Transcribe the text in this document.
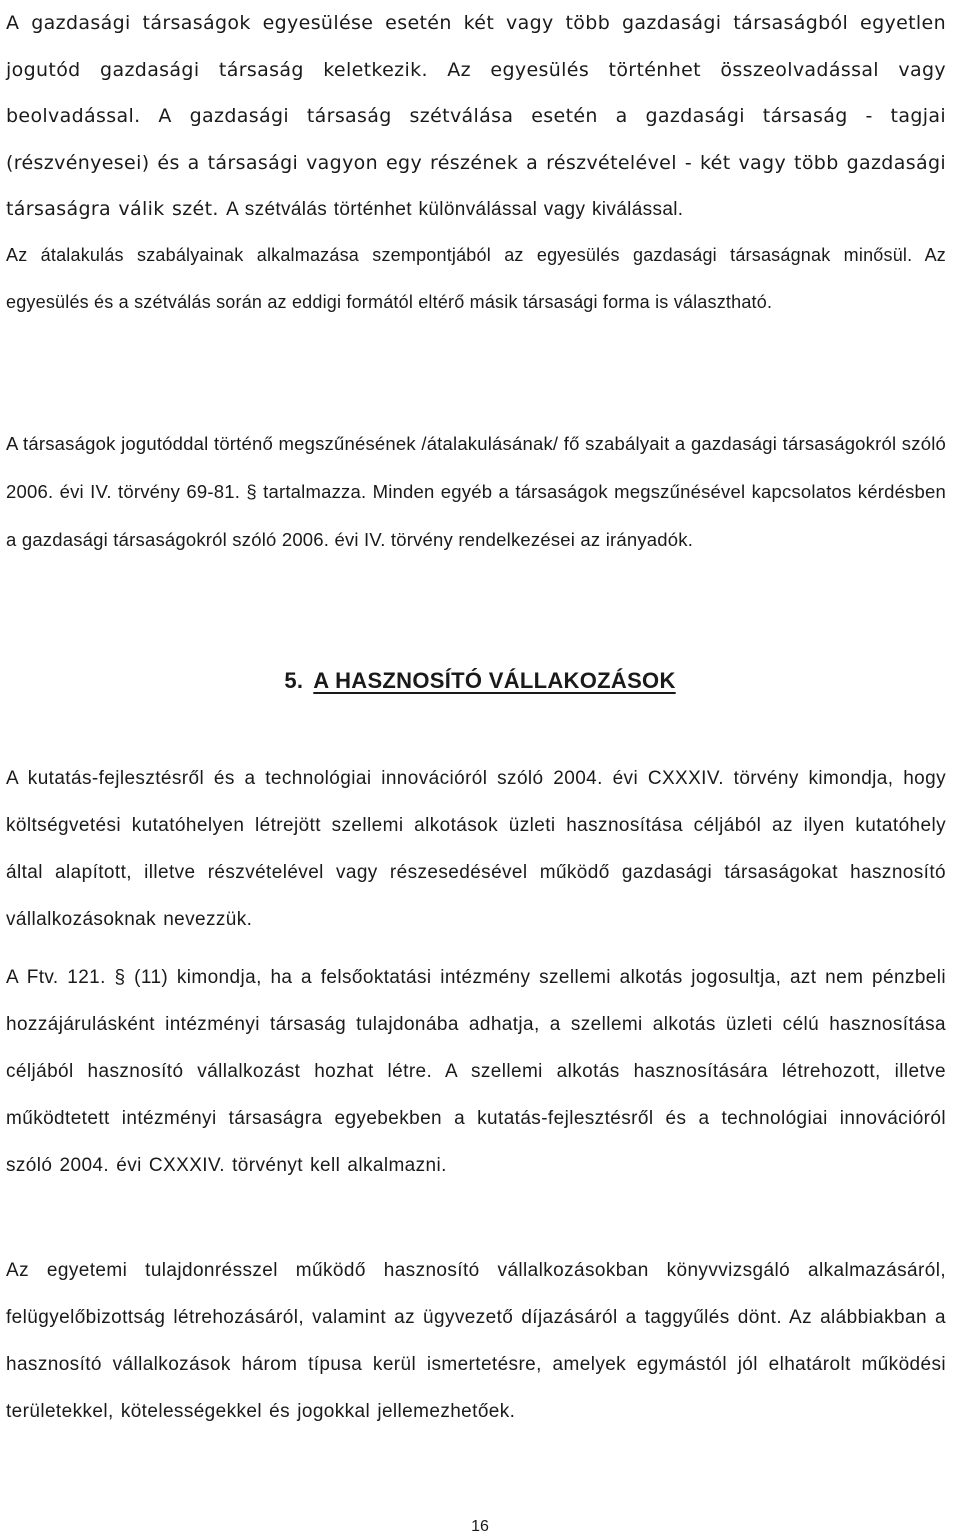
A gazdasági társaságok egyesülése esetén két vagy több gazdasági társaságból egyetlen jogutód gazdasági társaság keletkezik. Az egyesülés történhet összeolvadással vagy beolvadással. A gazdasági társaság szétválása esetén a gazdasági társaság - tagjai (részvényesei) és a társasági vagyon egy részének a részvételével - két vagy több gazdasági társaságra válik szét. A szétválás történhet különválással vagy kiválással.

Az átalakulás szabályainak alkalmazása szempontjából az egyesülés gazdasági társaságnak minősül. Az egyesülés és a szétválás során az eddigi formától eltérő másik társasági forma is választható.

A társaságok jogutóddal történő megszűnésének /átalakulásának/ fő szabályait a gazdasági társaságokról szóló 2006. évi IV. törvény 69-81. § tartalmazza. Minden egyéb a társaságok megszűnésével kapcsolatos kérdésben a gazdasági társaságokról szóló 2006. évi IV. törvény rendelkezései az irányadók.

5. A HASZNOSÍTÓ VÁLLAKOZÁSOK

A kutatás-fejlesztésről és a technológiai innovációról szóló 2004. évi CXXXIV. törvény kimondja, hogy költségvetési kutatóhelyen létrejött szellemi alkotások üzleti hasznosítása céljából az ilyen kutatóhely által alapított, illetve részvételével vagy részesedésével működő gazdasági társaságokat hasznosító vállalkozásoknak nevezzük.

A Ftv. 121. § (11) kimondja, ha a felsőoktatási intézmény szellemi alkotás jogosultja, azt nem pénzbeli hozzájárulásként intézményi társaság tulajdonába adhatja, a szellemi alkotás üzleti célú hasznosítása céljából hasznosító vállalkozást hozhat létre. A szellemi alkotás hasznosítására létrehozott, illetve működtetett intézményi társaságra egyebekben a kutatás-fejlesztésről és a technológiai innovációról szóló 2004. évi CXXXIV. törvényt kell alkalmazni.

Az egyetemi tulajdonrésszel működő hasznosító vállalkozásokban könyvvizsgáló alkalmazásáról, felügyelőbizottság létrehozásáról, valamint az ügyvezető díjazásáról a taggyűlés dönt. Az alábbiakban a hasznosító vállalkozások három típusa kerül ismertetésre, amelyek egymástól jól elhatárolt működési területekkel, kötelességekkel és jogokkal jellemezhetőek.

16
